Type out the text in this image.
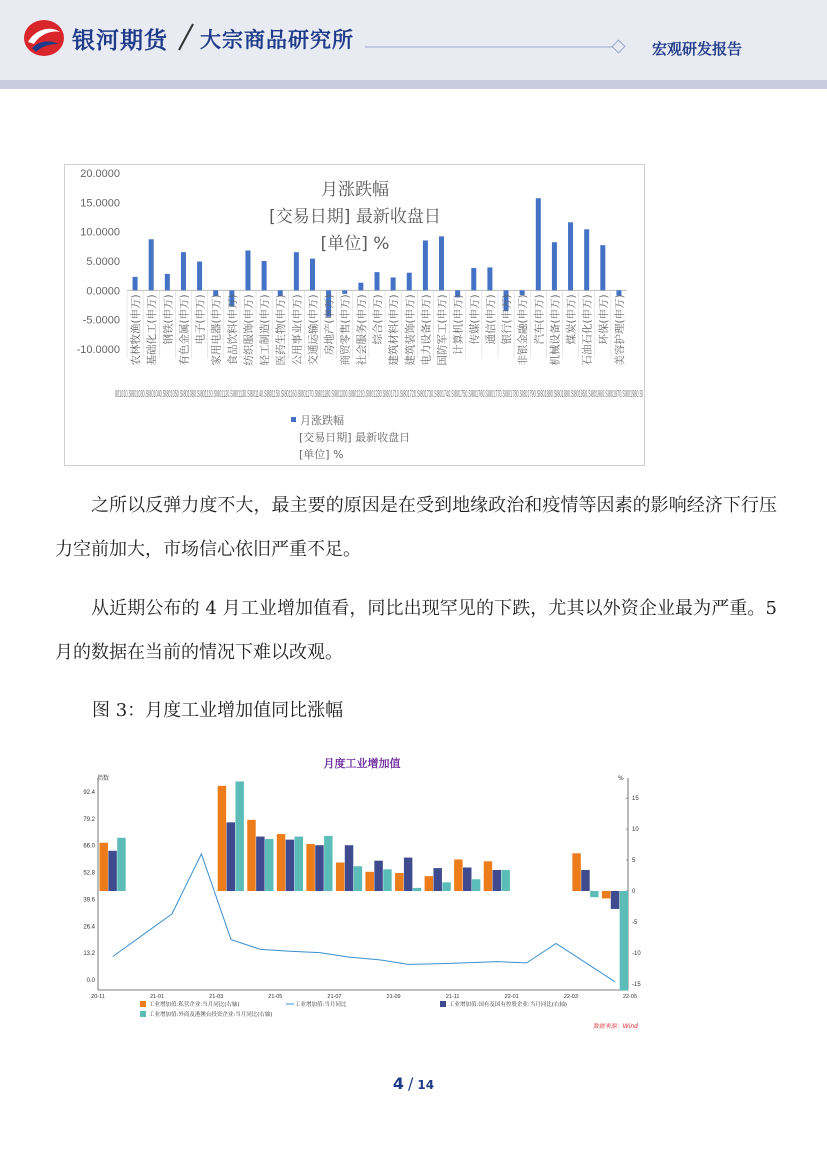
银河期货 大宗商品研究所	宏观研发报告
20.0000
15.0000
10.0000
5.0000
0.0000
-5.0000
-10.0000 农林牧渔(申万) 基础化工(申万) 钢铁(申万) 有色金属(申万) 电子(申万) 家用电器(申万) 食品饮料(申万) 纺织服饰(申万) 轻工制造(申万) 医药生物(申万) 公用事业(申万) 交通运输(申万) 房地产(申万) 商贸零售(申万) 社会服务(申万) 综合(申万) 建筑材料(申万) 建筑装饰(申万) 电力设备(申万) 国防军工(申万) 计算机(申万) 传媒(申万) 通信(申万) 银行(申万) 非银金融(申万) 汽车(申万) 机械设备(申万) 煤炭(申万) 石油石化(申万) 环保(申万) 美容护理(申万)
801010.SI801030.SI801040.SI801050.SI801080.SI801110.SI801120.SI801130.SI801140.SI801150.SI801160.SI801170.SI801180.SI801200.SI801210.SI801230.SI801710.SI801720.SI801730.SI801740.SI801750.SI801760.SI801770.SI801780.SI801790.SI801880.SI801890.SI801950.SI801960.SI801970.SI801980.SI
月涨跌幅
[交易日期] 最新收盘日
[单位] %
月涨跌幅
[交易日期] 最新收盘日
[单位] %
之所以反弹力度不大，最主要的原因是在受到地缘政治和疫情等因素的影响经济下行压力空前加大，市场信心依旧严重不足。
从近期公布的 4 月工业增加值看，同比出现罕见的下跌，尤其以外资企业最为严重。5 月的数据在当前的情况下难以改观。
图 3：月度工业增加值同比涨幅
月度工业增加值
指数	%
92.4
79.2
66.0
52.8
39.6
26.4
13.2
0.0
15
10
5
0
-5
-10
-15
20-11	21-01	21-03	21-05	21-07	21-09	21-11	22-01	22-03	22-05
工业增加值:私营企业:当月同比(右轴)	工业增加值:当月同比	工业增加值:国有及国有控股企业:当月同比(右轴)
工业增加值:外商及港澳台投资企业:当月同比(右轴)
数据来源：Wind
4 / 14
